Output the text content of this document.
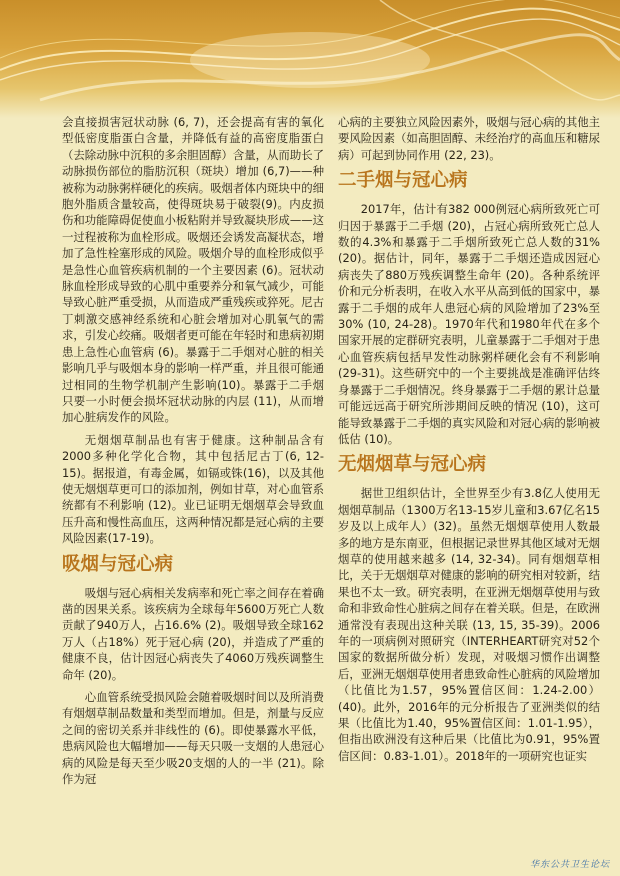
会直接损害冠状动脉 (6, 7)，还会提高有害的氧化型低密度脂蛋白含量，并降低有益的高密度脂蛋白（去除动脉中沉积的多余胆固醇）含量，从而助长了动脉损伤部位的脂肪沉积（斑块）增加 (6,7)——种被称为动脉粥样硬化的疾病。吸烟者体内斑块中的细胞外脂质含量较高，使得斑块易于破裂(9)。内皮损伤和功能障碍促使血小板粘附并导致凝块形成——这一过程被称为血栓形成。吸烟还会诱发高凝状态，增加了急性栓塞形成的风险。吸烟介导的血栓形成似乎是急性心血管疾病机制的一个主要因素 (6)。冠状动脉血栓形成导致的心肌中重要养分和氧气减少，可能导致心脏严重受损，从而造成严重残疾或猝死。尼古丁刺激交感神经系统和心脏会增加对心肌氧气的需求，引发心绞痛。吸烟者更可能在年轻时和患病初期患上急性心血管病 (6)。暴露于二手烟对心脏的相关影响几乎与吸烟本身的影响一样严重，并且很可能通过相同的生物学机制产生影响(10)。暴露于二手烟只要一小时便会损坏冠状动脉的内层 (11)，从而增加心脏病发作的风险。

无烟烟草制品也有害于健康。这种制品含有2000多种化学化合物，其中包括尼古丁(6, 12-15)。据报道，有毒金属，如镉或铢(16)，以及其他使无烟烟草更可口的添加剂，例如甘草，对心血管系统都有不利影响 (12)。业已证明无烟烟草会导致血压升高和慢性高血压，这两种情况都是冠心病的主要风险因素(17-19)。

吸烟与冠心病

吸烟与冠心病相关发病率和死亡率之间存在着确凿的因果关系。该疾病为全球每年5600万死亡人数贡献了940万人，占16.6% (2)。吸烟导致全球162万人（占18%）死于冠心病 (20)，并造成了严重的健康不良，估计因冠心病丧失了4060万残疾调整生命年 (20)。

心血管系统受损风险会随着吸烟时间以及所消费有烟烟草制品数量和类型而增加。但是，剂量与反应之间的密切关系并非线性的 (6)。即使暴露水平低，患病风险也大幅增加——每天只吸一支烟的人患冠心病的风险是每天至少吸20支烟的人的一半 (21)。除作为冠

心病的主要独立风险因素外，吸烟与冠心病的其他主要风险因素（如高胆固醇、未经治疗的高血压和糖尿病）可起到协同作用 (22, 23)。

二手烟与冠心病

2017年，估计有382 000例冠心病所致死亡可归因于暴露于二手烟 (20)，占冠心病所致死亡总人数的4.3%和暴露于二手烟所致死亡总人数的31% (20)。据估计，同年，暴露于二手烟还造成因冠心病丧失了880万残疾调整生命年 (20)。各种系统评价和元分析表明，在收入水平从高到低的国家中，暴露于二手烟的成年人患冠心病的风险增加了23%至30% (10, 24-28)。1970年代和1980年代在多个国家开展的定群研究表明，儿童暴露于二手烟对于患心血管疾病包括早发性动脉粥样硬化会有不利影响 (29-31)。这些研究中的一个主要挑战是准确评估终身暴露于二手烟情况。终身暴露于二手烟的累计总量可能远远高于研究所涉期间反映的情况 (10)，这可能导致暴露于二手烟的真实风险和对冠心病的影响被低估 (10)。

无烟烟草与冠心病

据世卫组织估计，全世界至少有3.8亿人使用无烟烟草制品（1300万名13-15岁儿童和3.67亿名15岁及以上成年人）(32)。虽然无烟烟草使用人数最多的地方是东南亚，但根据记录世界其他区域对无烟烟草的使用越来越多 (14, 32-34)。同有烟烟草相比，关于无烟烟草对健康的影响的研究相对较新，结果也不太一致。研究表明，在亚洲无烟烟草使用与致命和非致命性心脏病之间存在着关联。但是，在欧洲通常没有表现出这种关联 (13, 15, 35-39)。2006年的一项病例对照研究（INTERHEART研究对52个国家的数据所做分析）发现，对吸烟习惯作出调整后，亚洲无烟烟草使用者患致命性心脏病的风险增加（比值比为1.57，95%置信区间：1.24-2.00）(40)。此外，2016年的元分析报告了亚洲类似的结果（比值比为1.40，95%置信区间：1.01-1.95），但指出欧洲没有这种后果（比值比为0.91，95%置信区间：0.83-1.01）。2018年的一项研究也证实

华东公共卫生论坛
